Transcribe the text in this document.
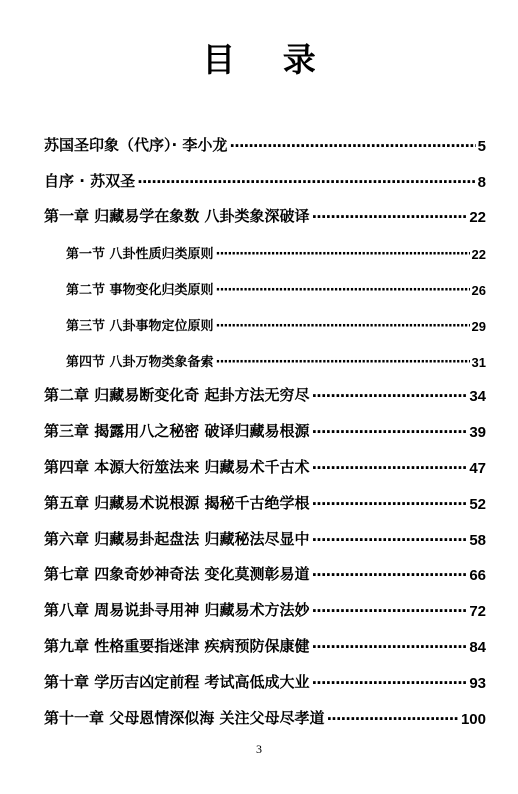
目 录
苏国圣印象（代序）· 李小龙 ·····	5
自序 · 苏双圣 ·····	8
第一章 归藏易学在象数 八卦类象深破译 ·····	22
第一节 八卦性质归类原则 ·····	22
第二节 事物变化归类原则 ·····	26
第三节 八卦事物定位原则 ·····	29
第四节 八卦万物类象备索 ·····	31
第二章 归藏易断变化奇 起卦方法无穷尽 ·····	34
第三章 揭露用八之秘密 破译归藏易根源 ·····	39
第四章 本源大衍筮法来 归藏易术千古术 ·····	47
第五章 归藏易术说根源 揭秘千古绝学根 ·····	52
第六章 归藏易卦起盘法 归藏秘法尽显中 ·····	58
第七章 四象奇妙神奇法 变化莫测彰易道 ·····	66
第八章 周易说卦寻用神 归藏易术方法妙 ·····	72
第九章 性格重要指迷津 疾病预防保康健 ·····	84
第十章 学历吉凶定前程 考试高低成大业 ·····	93
第十一章 父母恩情深似海 关注父母尽孝道 ·····	100
3
